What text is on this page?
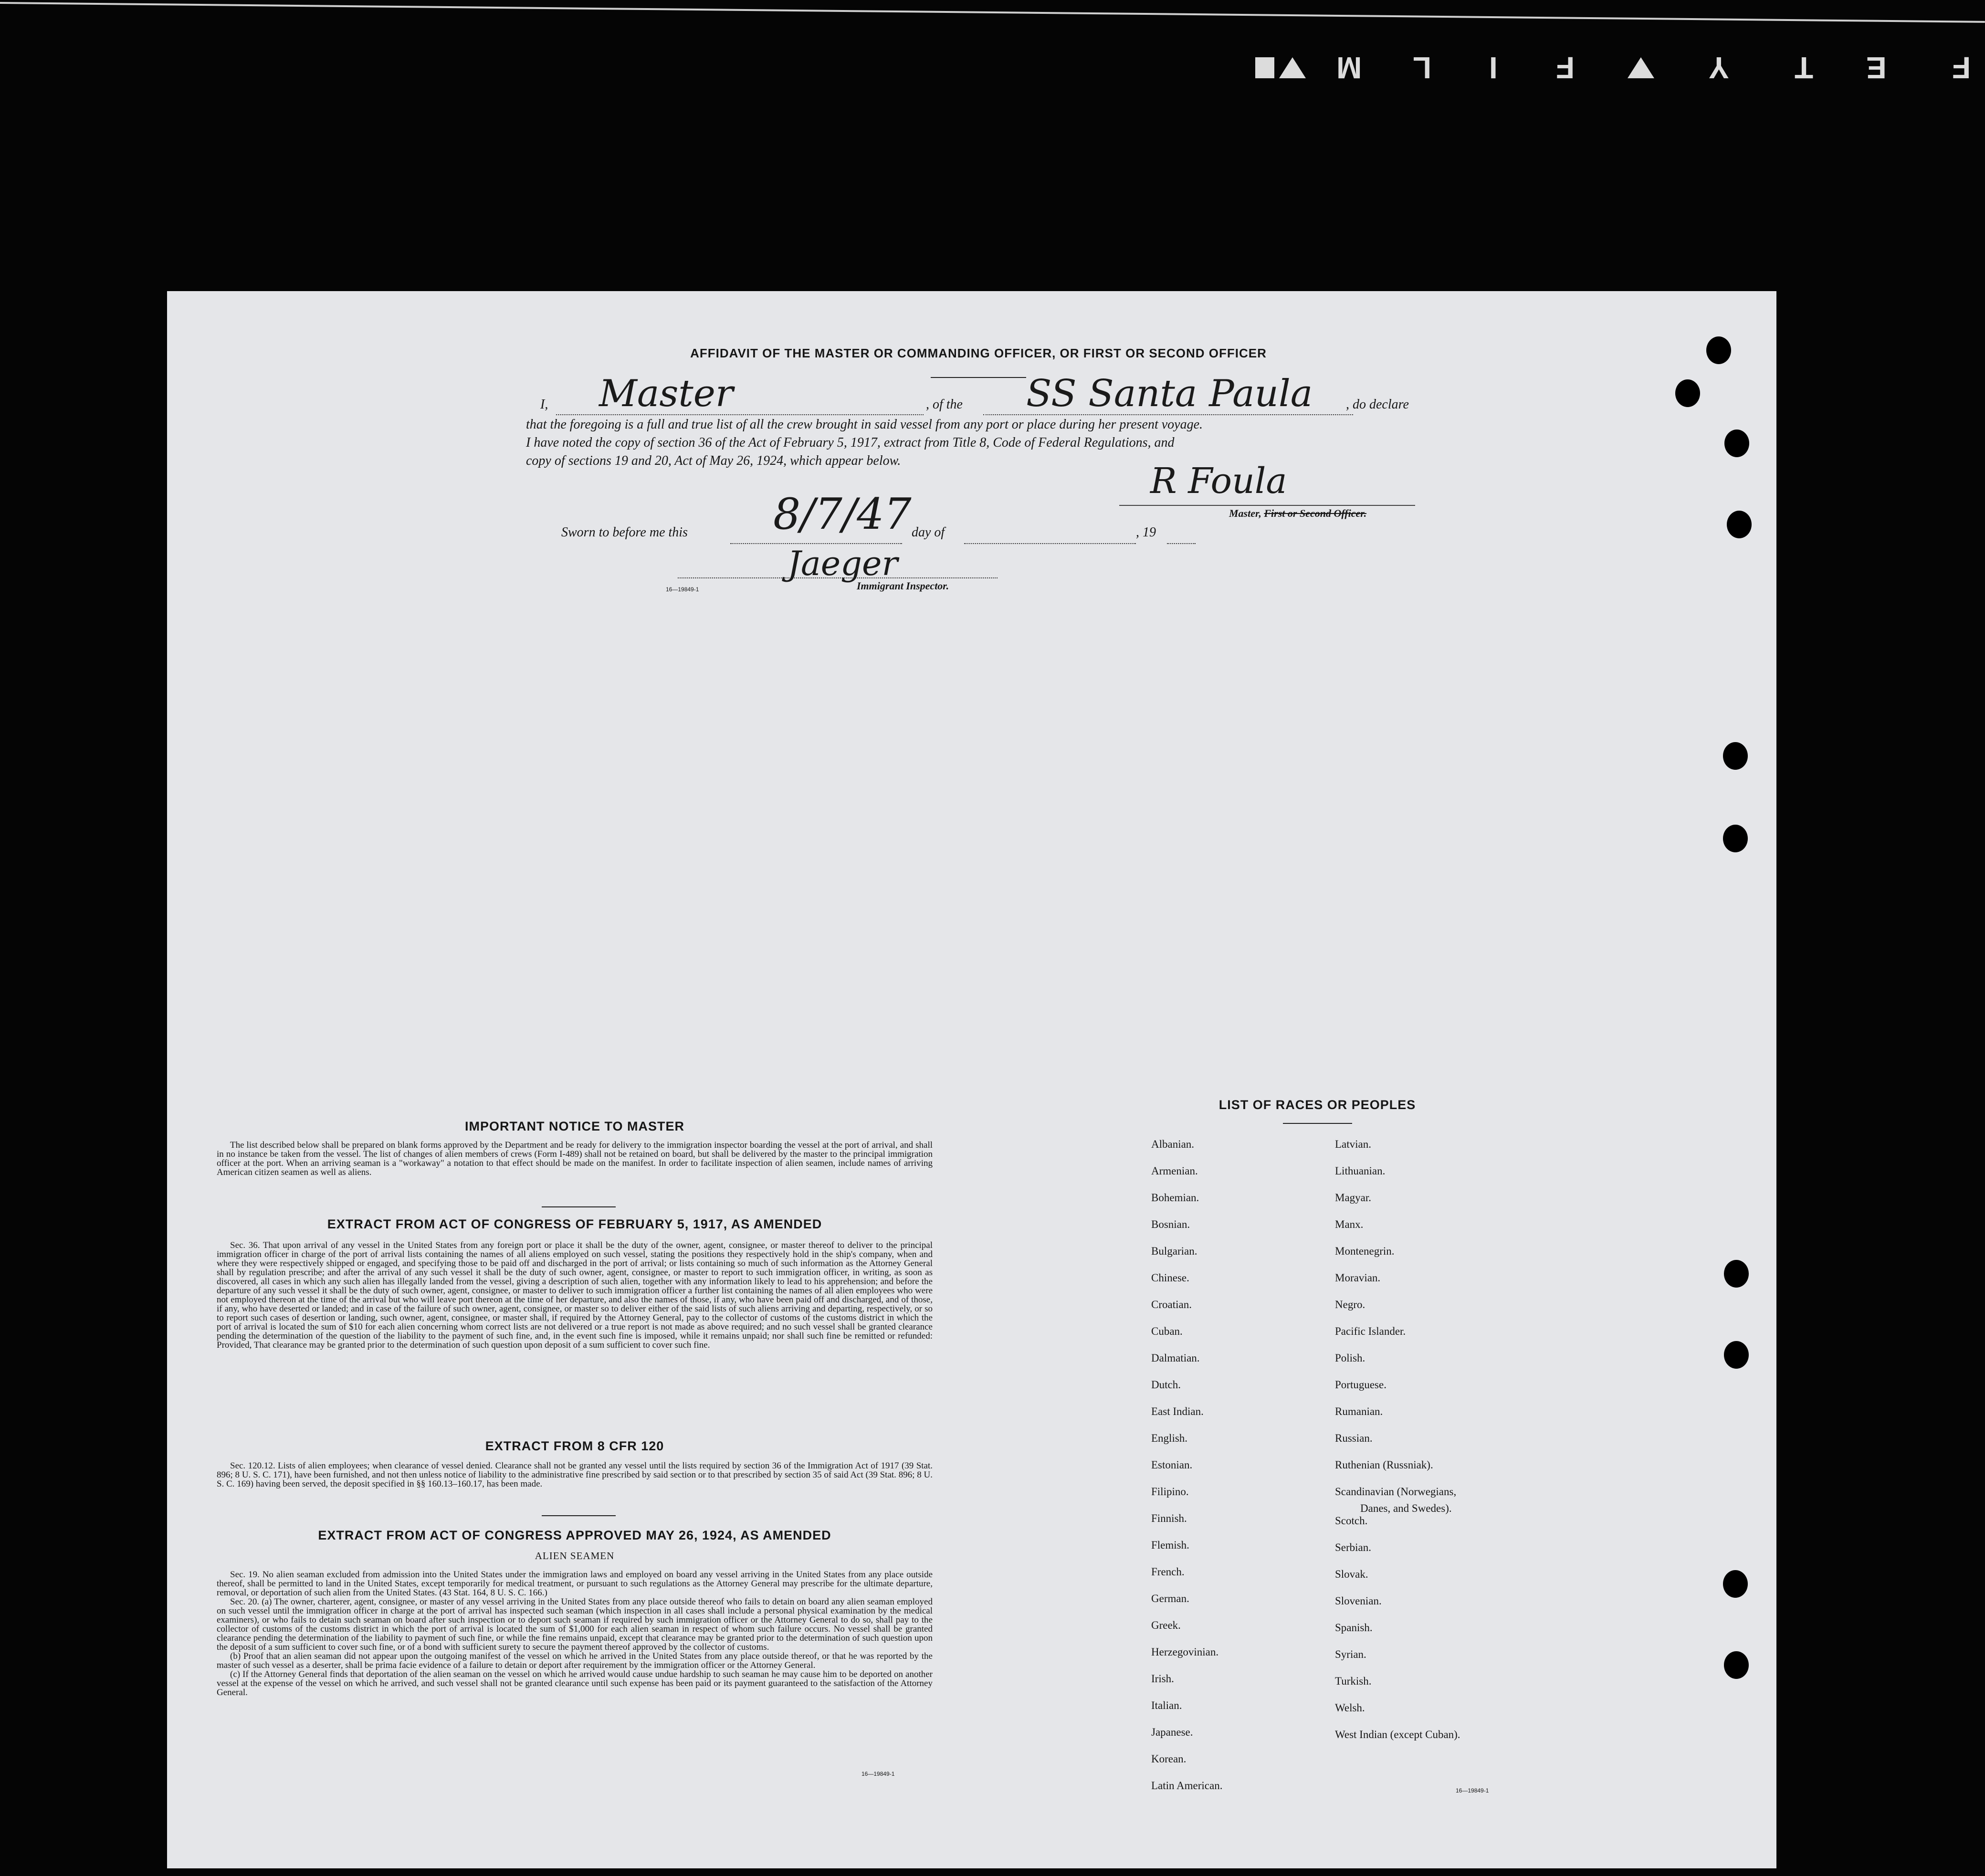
M L I F	Y T E F
AFFIDAVIT OF THE MASTER OR COMMANDING OFFICER, OR FIRST OR SECOND OFFICER
I, Master	, of the SS Santa Paula , do declare
that the foregoing is a full and true list of all the crew brought in said vessel from any port or place during her present voyage.
I have noted the copy of section 36 of the Act of February 5, 1917, extract from Title 8, Code of Federal Regulations, and
copy of sections 19 and 20, Act of May 26, 1924, which appear below.	R Foula
Master, First or Second Officer.
Sworn to before me this 8/7/47 day of	, 19
Jaeger
Immigrant Inspector.
16—19849-1
IMPORTANT NOTICE TO MASTER

The list described below shall be prepared on blank forms approved by the Department and be ready for delivery to the immigration inspector boarding the vessel at the port of arrival, and shall in no instance be taken from the vessel. The list of changes of alien members of crews (Form I-489) shall not be retained on board, but shall be delivered by the master to the principal immigration officer at the port. When an arriving seaman is a "workaway" a notation to that effect should be made on the manifest. In order to facilitate inspection of alien seamen, include names of arriving American citizen seamen as well as aliens.

EXTRACT FROM ACT OF CONGRESS OF FEBRUARY 5, 1917, AS AMENDED

Sec. 36. That upon arrival of any vessel in the United States from any foreign port or place it shall be the duty of the owner, agent, consignee, or master thereof to deliver to the principal immigration officer in charge of the port of arrival lists containing the names of all aliens employed on such vessel, stating the positions they respectively hold in the ship's company, when and where they were respectively shipped or engaged, and specifying those to be paid off and discharged in the port of arrival; or lists containing so much of such information as the Attorney General shall by regulation prescribe; and after the arrival of any such vessel it shall be the duty of such owner, agent, consignee, or master to report to such immigration officer, in writing, as soon as discovered, all cases in which any such alien has illegally landed from the vessel, giving a description of such alien, together with any information likely to lead to his apprehension; and before the departure of any such vessel it shall be the duty of such owner, agent, consignee, or master to deliver to such immigration officer a further list containing the names of all alien employees who were not employed thereon at the time of the arrival but who will leave port thereon at the time of her departure, and also the names of those, if any, who have been paid off and discharged, and of those, if any, who have deserted or landed; and in case of the failure of such owner, agent, consignee, or master so to deliver either of the said lists of such aliens arriving and departing, respectively, or so to report such cases of desertion or landing, such owner, agent, consignee, or master shall, if required by the Attorney General, pay to the collector of customs of the customs district in which the port of arrival is located the sum of $10 for each alien concerning whom correct lists are not delivered or a true report is not made as above required; and no such vessel shall be granted clearance pending the determination of the question of the liability to the payment of such fine, and, in the event such fine is imposed, while it remains unpaid; nor shall such fine be remitted or refunded: Provided, That clearance may be granted prior to the determination of such question upon deposit of a sum sufficient to cover such fine.

EXTRACT FROM 8 CFR 120

Sec. 120.12. Lists of alien employees; when clearance of vessel denied. Clearance shall not be granted any vessel until the lists required by section 36 of the Immigration Act of 1917 (39 Stat. 896; 8 U. S. C. 171), have been furnished, and not then unless notice of liability to the administrative fine prescribed by said section or to that prescribed by section 35 of said Act (39 Stat. 896; 8 U. S. C. 169) having been served, the deposit specified in §§ 160.13–160.17, has been made.

EXTRACT FROM ACT OF CONGRESS APPROVED MAY 26, 1924, AS AMENDED
ALIEN SEAMEN

Sec. 19. No alien seaman excluded from admission into the United States under the immigration laws and employed on board any vessel arriving in the United States from any place outside thereof, shall be permitted to land in the United States, except temporarily for medical treatment, or pursuant to such regulations as the Attorney General may prescribe for the ultimate departure, removal, or deportation of such alien from the United States. (43 Stat. 164, 8 U. S. C. 166.)

Sec. 20. (a) The owner, charterer, agent, consignee, or master of any vessel arriving in the United States from any place outside thereof who fails to detain on board any alien seaman employed on such vessel until the immigration officer in charge at the port of arrival has inspected such seaman (which inspection in all cases shall include a personal physical examination by the medical examiners), or who fails to detain such seaman on board after such inspection or to deport such seaman if required by such immigration officer or the Attorney General to do so, shall pay to the collector of customs of the customs district in which the port of arrival is located the sum of $1,000 for each alien seaman in respect of whom such failure occurs. No vessel shall be granted clearance pending the determination of the liability to payment of such fine, or while the fine remains unpaid, except that clearance may be granted prior to the determination of such question upon the deposit of a sum sufficient to cover such fine, or of a bond with sufficient surety to secure the payment thereof approved by the collector of customs.

(b) Proof that an alien seaman did not appear upon the outgoing manifest of the vessel on which he arrived in the United States from any place outside thereof, or that he was reported by the master of such vessel as a deserter, shall be prima facie evidence of a failure to detain or deport after requirement by the immigration officer or the Attorney General.

(c) If the Attorney General finds that deportation of the alien seaman on the vessel on which he arrived would cause undue hardship to such seaman he may cause him to be deported on another vessel at the expense of the vessel on which he arrived, and such vessel shall not be granted clearance until such expense has been paid or its payment guaranteed to the satisfaction of the Attorney General.

16—19849-1
LIST OF RACES OR PEOPLES
16—19849-1
Albanian.
Armenian.
Bohemian.
Bosnian.
Bulgarian.
Chinese.
Croatian.
Cuban.
Dalmatian.
Dutch.
East Indian.
English.
Estonian.
Filipino.
Finnish.
Flemish.
French.
German.
Greek.
Herzegovinian.
Irish.
Italian.
Japanese.
Korean.
Latin American.
Latvian.
Lithuanian.
Magyar.
Manx.
Montenegrin.
Moravian.
Negro.
Pacific Islander.
Polish.
Portuguese.
Rumanian.
Russian.
Ruthenian (Russniak).
Scandinavian (Norwegians,
Danes, and Swedes).
Scotch.
Serbian.
Slovak.
Slovenian.
Spanish.
Syrian.
Turkish.
Welsh.
West Indian (except Cuban).
